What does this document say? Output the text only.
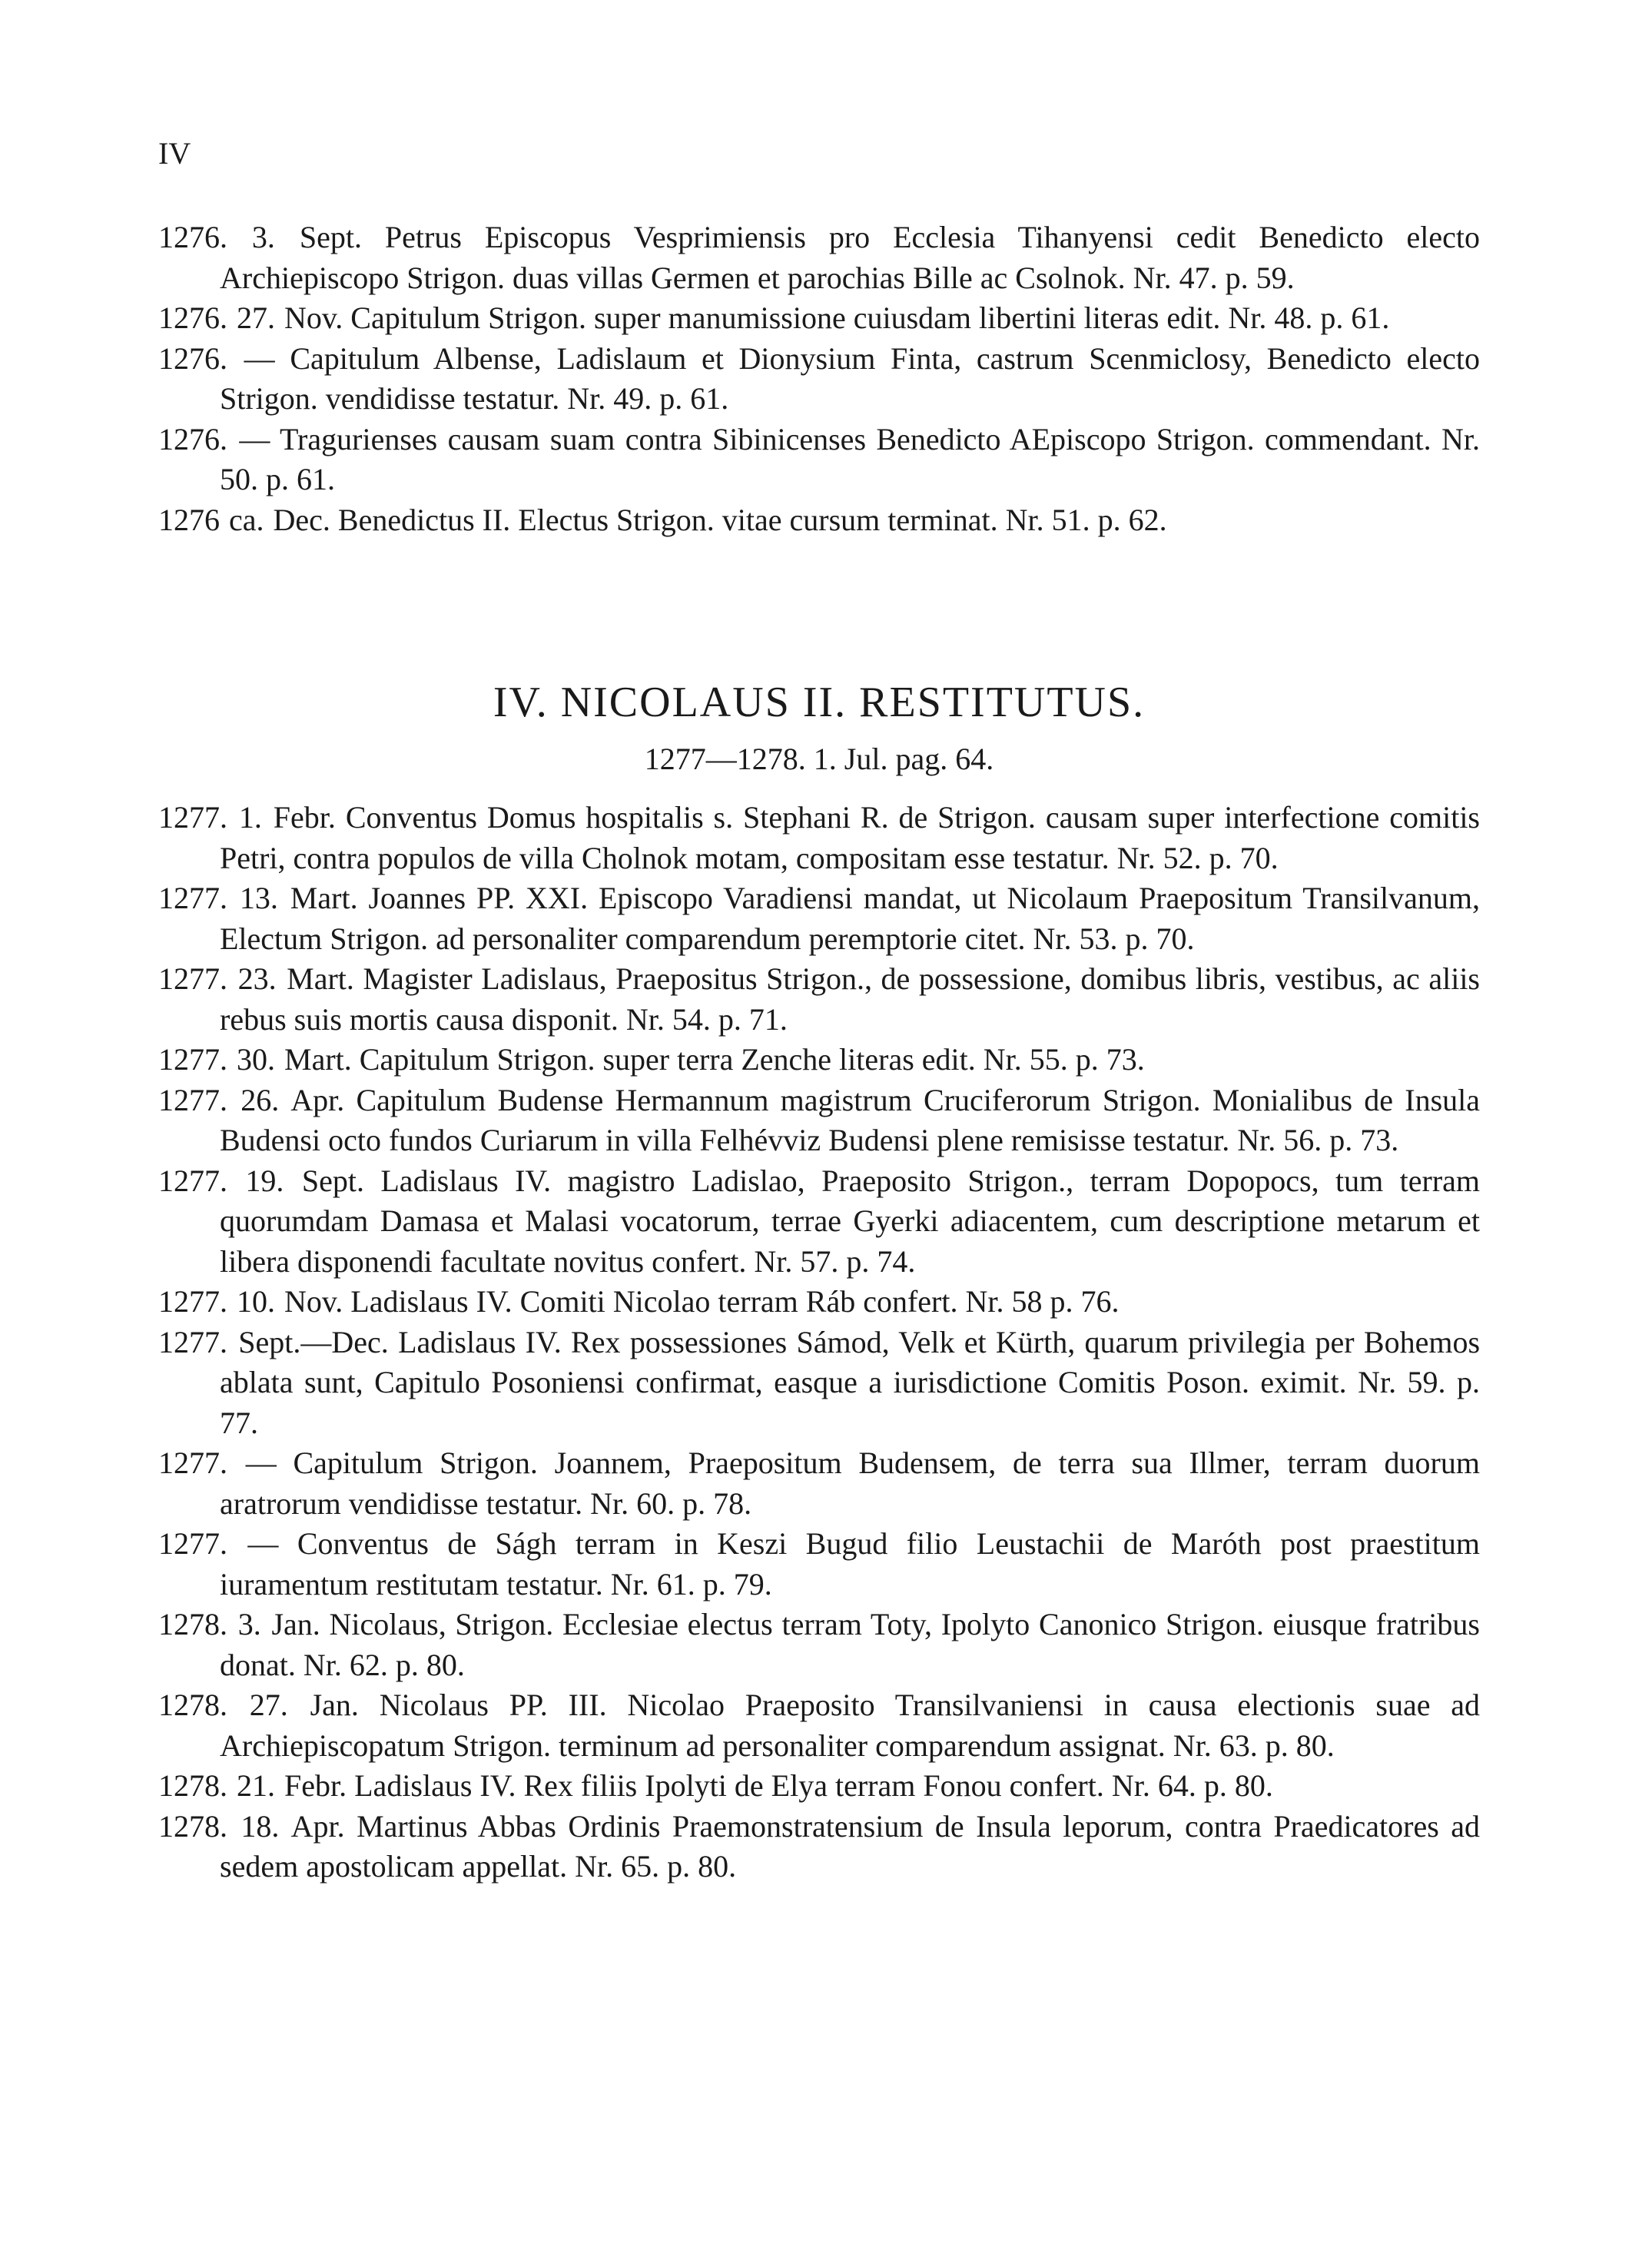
IV
1276. 3. Sept. Petrus Episcopus Vesprimiensis pro Ecclesia Tihanyensi cedit Benedicto electo Archiepiscopo Strigon. duas villas Germen et parochias Bille ac Csolnok. Nr. 47. p. 59.
1276. 27. Nov. Capitulum Strigon. super manumissione cuiusdam libertini literas edit. Nr. 48. p. 61.
1276. — Capitulum Albense, Ladislaum et Dionysium Finta, castrum Scenmiclosy, Benedicto electo Strigon. vendidisse testatur. Nr. 49. p. 61.
1276. — Tragurienses causam suam contra Sibinicenses Benedicto AEpiscopo Strigon. commendant. Nr. 50. p. 61.
1276 ca. Dec. Benedictus II. Electus Strigon. vitae cursum terminat. Nr. 51. p. 62.
IV. NICOLAUS II. RESTITUTUS.
1277—1278. 1. Jul. pag. 64.
1277. 1. Febr. Conventus Domus hospitalis s. Stephani R. de Strigon. causam super interfectione comitis Petri, contra populos de villa Cholnok motam, compositam esse testatur. Nr. 52. p. 70.
1277. 13. Mart. Joannes PP. XXI. Episcopo Varadiensi mandat, ut Nicolaum Praepositum Transilvanum, Electum Strigon. ad personaliter comparendum peremptorie citet. Nr. 53. p. 70.
1277. 23. Mart. Magister Ladislaus, Praepositus Strigon., de possessione, domibus libris, vestibus, ac aliis rebus suis mortis causa disponit. Nr. 54. p. 71.
1277. 30. Mart. Capitulum Strigon. super terra Zenche literas edit. Nr. 55. p. 73.
1277. 26. Apr. Capitulum Budense Hermannum magistrum Cruciferorum Strigon. Monialibus de Insula Budensi octo fundos Curiarum in villa Felhévviz Budensi plene remisisse testatur. Nr. 56. p. 73.
1277. 19. Sept. Ladislaus IV. magistro Ladislao, Praeposito Strigon., terram Dopopocs, tum terram quorumdam Damasa et Malasi vocatorum, terrae Gyerki adiacentem, cum descriptione metarum et libera disponendi facultate novitus confert. Nr. 57. p. 74.
1277. 10. Nov. Ladislaus IV. Comiti Nicolao terram Ráb confert. Nr. 58 p. 76.
1277. Sept.—Dec. Ladislaus IV. Rex possessiones Sámod, Velk et Kürth, quarum privilegia per Bohemos ablata sunt, Capitulo Posoniensi confirmat, easque a iurisdictione Comitis Poson. eximit. Nr. 59. p. 77.
1277. — Capitulum Strigon. Joannem, Praepositum Budensem, de terra sua Illmer, terram duorum aratrorum vendidisse testatur. Nr. 60. p. 78.
1277. — Conventus de Ságh terram in Keszi Bugud filio Leustachii de Maróth post praestitum iuramentum restitutam testatur. Nr. 61. p. 79.
1278. 3. Jan. Nicolaus, Strigon. Ecclesiae electus terram Toty, Ipolyto Canonico Strigon. eiusque fratribus donat. Nr. 62. p. 80.
1278. 27. Jan. Nicolaus PP. III. Nicolao Praeposito Transilvaniensi in causa electionis suae ad Archiepiscopatum Strigon. terminum ad personaliter comparendum assignat. Nr. 63. p. 80.
1278. 21. Febr. Ladislaus IV. Rex filiis Ipolyti de Elya terram Fonou confert. Nr. 64. p. 80.
1278. 18. Apr. Martinus Abbas Ordinis Praemonstratensium de Insula leporum, contra Praedicatores ad sedem apostolicam appellat. Nr. 65. p. 80.
